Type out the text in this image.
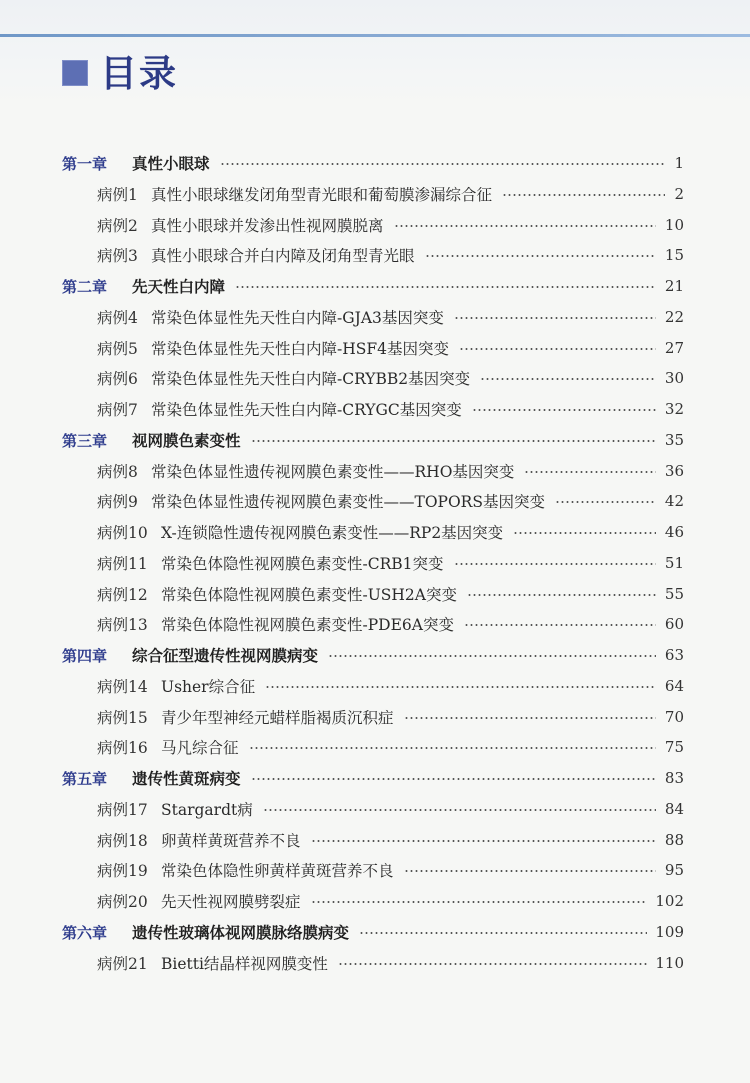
目录
第一章	真性小眼球	1
病例1 真性小眼球继发闭角型青光眼和葡萄膜渗漏综合征	2
病例2 真性小眼球并发渗出性视网膜脱离	10
病例3 真性小眼球合并白内障及闭角型青光眼	15
第二章	先天性白内障	21
病例4 常染色体显性先天性白内障-GJA3基因突变	22
病例5 常染色体显性先天性白内障-HSF4基因突变	27
病例6 常染色体显性先天性白内障-CRYBB2基因突变	30
病例7 常染色体显性先天性白内障-CRYGC基因突变	32
第三章	视网膜色素变性	35
病例8 常染色体显性遗传视网膜色素变性——RHO基因突变	36
病例9 常染色体显性遗传视网膜色素变性——TOPORS基因突变	42
病例10 X-连锁隐性遗传视网膜色素变性——RP2基因突变	46
病例11 常染色体隐性视网膜色素变性-CRB1突变	51
病例12 常染色体隐性视网膜色素变性-USH2A突变	55
病例13 常染色体隐性视网膜色素变性-PDE6A突变	60
第四章	综合征型遗传性视网膜病变	63
病例14 Usher综合征	64
病例15 青少年型神经元蜡样脂褐质沉积症	70
病例16 马凡综合征	75
第五章	遗传性黄斑病变	83
病例17 Stargardt病	84
病例18 卵黄样黄斑营养不良	88
病例19 常染色体隐性卵黄样黄斑营养不良	95
病例20 先天性视网膜劈裂症	102
第六章	遗传性玻璃体视网膜脉络膜病变	109
病例21 Bietti结晶样视网膜变性	110
